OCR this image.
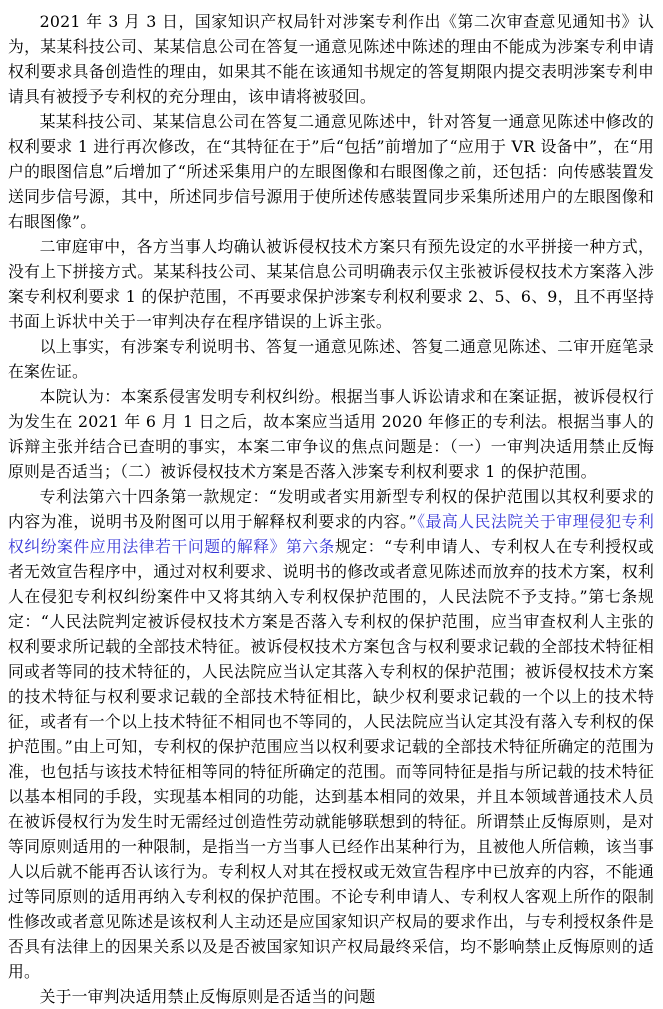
2021 年 3 月 3 日，国家知识产权局针对涉案专利作出《第二次审查意见通知书》认为，某某科技公司、某某信息公司在答复一通意见陈述中陈述的理由不能成为涉案专利申请权利要求具备创造性的理由，如果其不能在该通知书规定的答复期限内提交表明涉案专利申请具有被授予专利权的充分理由，该申请将被驳回。

某某科技公司、某某信息公司在答复二通意见陈述中，针对答复一通意见陈述中修改的权利要求 1 进行再次修改，在“其特征在于”后“包括”前增加了“应用于 VR 设备中”，在“用户的眼图信息”后增加了“所述采集用户的左眼图像和右眼图像之前，还包括：向传感装置发送同步信号源，其中，所述同步信号源用于使所述传感装置同步采集所述用户的左眼图像和右眼图像”。

二审庭审中，各方当事人均确认被诉侵权技术方案只有预先设定的水平拼接一种方式，没有上下拼接方式。某某科技公司、某某信息公司明确表示仅主张被诉侵权技术方案落入涉案专利权利要求 1 的保护范围，不再要求保护涉案专利权利要求 2、5、6、9，且不再坚持书面上诉状中关于一审判决存在程序错误的上诉主张。

以上事实，有涉案专利说明书、答复一通意见陈述、答复二通意见陈述、二审开庭笔录在案佐证。

本院认为：本案系侵害发明专利权纠纷。根据当事人诉讼请求和在案证据，被诉侵权行为发生在 2021 年 6 月 1 日之后，故本案应当适用 2020 年修正的专利法。根据当事人的诉辩主张并结合已查明的事实，本案二审争议的焦点问题是：（一）一审判决适用禁止反悔原则是否适当；（二）被诉侵权技术方案是否落入涉案专利权利要求 1 的保护范围。

专利法第六十四条第一款规定：“发明或者实用新型专利权的保护范围以其权利要求的内容为准，说明书及附图可以用于解释权利要求的内容。”《最高人民法院关于审理侵犯专利权纠纷案件应用法律若干问题的解释》第六条规定：“专利申请人、专利权人在专利授权或者无效宣告程序中，通过对权利要求、说明书的修改或者意见陈述而放弃的技术方案，权利人在侵犯专利权纠纷案件中又将其纳入专利权保护范围的，人民法院不予支持。”第七条规定：“人民法院判定被诉侵权技术方案是否落入专利权的保护范围，应当审查权利人主张的权利要求所记载的全部技术特征。被诉侵权技术方案包含与权利要求记载的全部技术特征相同或者等同的技术特征的，人民法院应当认定其落入专利权的保护范围；被诉侵权技术方案的技术特征与权利要求记载的全部技术特征相比，缺少权利要求记载的一个以上的技术特征，或者有一个以上技术特征不相同也不等同的，人民法院应当认定其没有落入专利权的保护范围。”由上可知，专利权的保护范围应当以权利要求记载的全部技术特征所确定的范围为准，也包括与该技术特征相等同的特征所确定的范围。而等同特征是指与所记载的技术特征以基本相同的手段，实现基本相同的功能，达到基本相同的效果，并且本领域普通技术人员在被诉侵权行为发生时无需经过创造性劳动就能够联想到的特征。所谓禁止反悔原则，是对等同原则适用的一种限制，是指当一方当事人已经作出某种行为，且被他人所信赖，该当事人以后就不能再否认该行为。专利权人对其在授权或无效宣告程序中已放弃的内容，不能通过等同原则的适用再纳入专利权的保护范围。不论专利申请人、专利权人客观上所作的限制性修改或者意见陈述是该权利人主动还是应国家知识产权局的要求作出，与专利授权条件是否具有法律上的因果关系以及是否被国家知识产权局最终采信，均不影响禁止反悔原则的适用。

关于一审判决适用禁止反悔原则是否适当的问题
